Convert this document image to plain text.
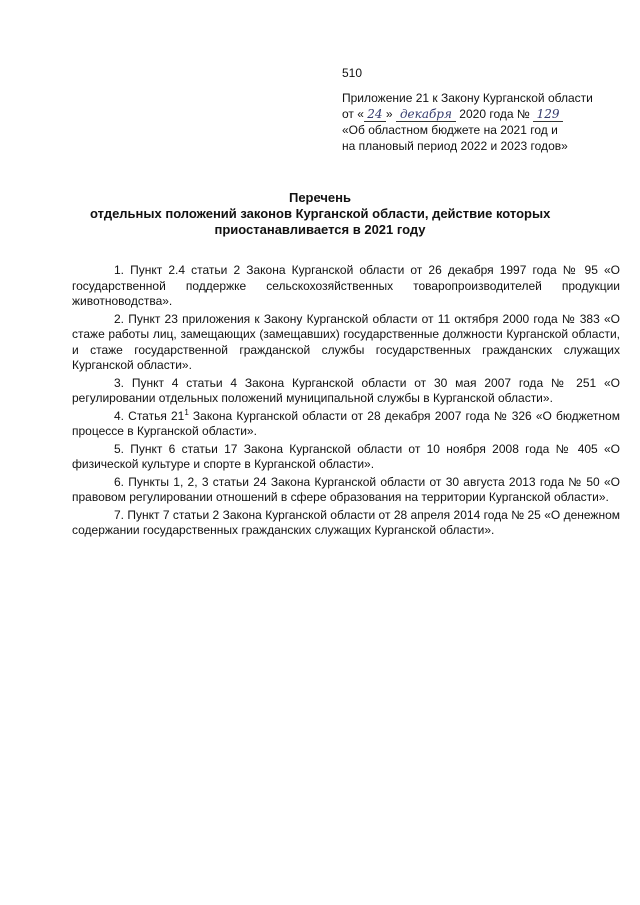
510
Приложение 21 к Закону Курганской области
от « 24 » декабря 2020 года № 129
«Об областном бюджете на 2021 год и
на плановый период 2022 и 2023 годов»
Перечень
отдельных положений законов Курганской области, действие которых
приостанавливается в 2021 году

1. Пункт 2.4 статьи 2 Закона Курганской области от 26 декабря 1997 года № 95 «О государственной поддержке сельскохозяйственных товаропроизводителей продукции животноводства».

2. Пункт 23 приложения к Закону Курганской области от 11 октября 2000 года № 383 «О стаже работы лиц, замещающих (замещавших) государственные должности Курганской области, и стаже государственной гражданской службы государственных гражданских служащих Курганской области».

3. Пункт 4 статьи 4 Закона Курганской области от 30 мая 2007 года № 251 «О регулировании отдельных положений муниципальной службы в Курганской области».

4. Статья $21^1$ Закона Курганской области от 28 декабря 2007 года № 326 «О бюджетном процессе в Курганской области».

5. Пункт 6 статьи 17 Закона Курганской области от 10 ноября 2008 года № 405 «О физической культуре и спорте в Курганской области».

6. Пункты 1, 2, 3 статьи 24 Закона Курганской области от 30 августа 2013 года № 50 «О правовом регулировании отношений в сфере образования на территории Курганской области».

7. Пункт 7 статьи 2 Закона Курганской области от 28 апреля 2014 года № 25 «О денежном содержании государственных гражданских служащих Курганской области».
